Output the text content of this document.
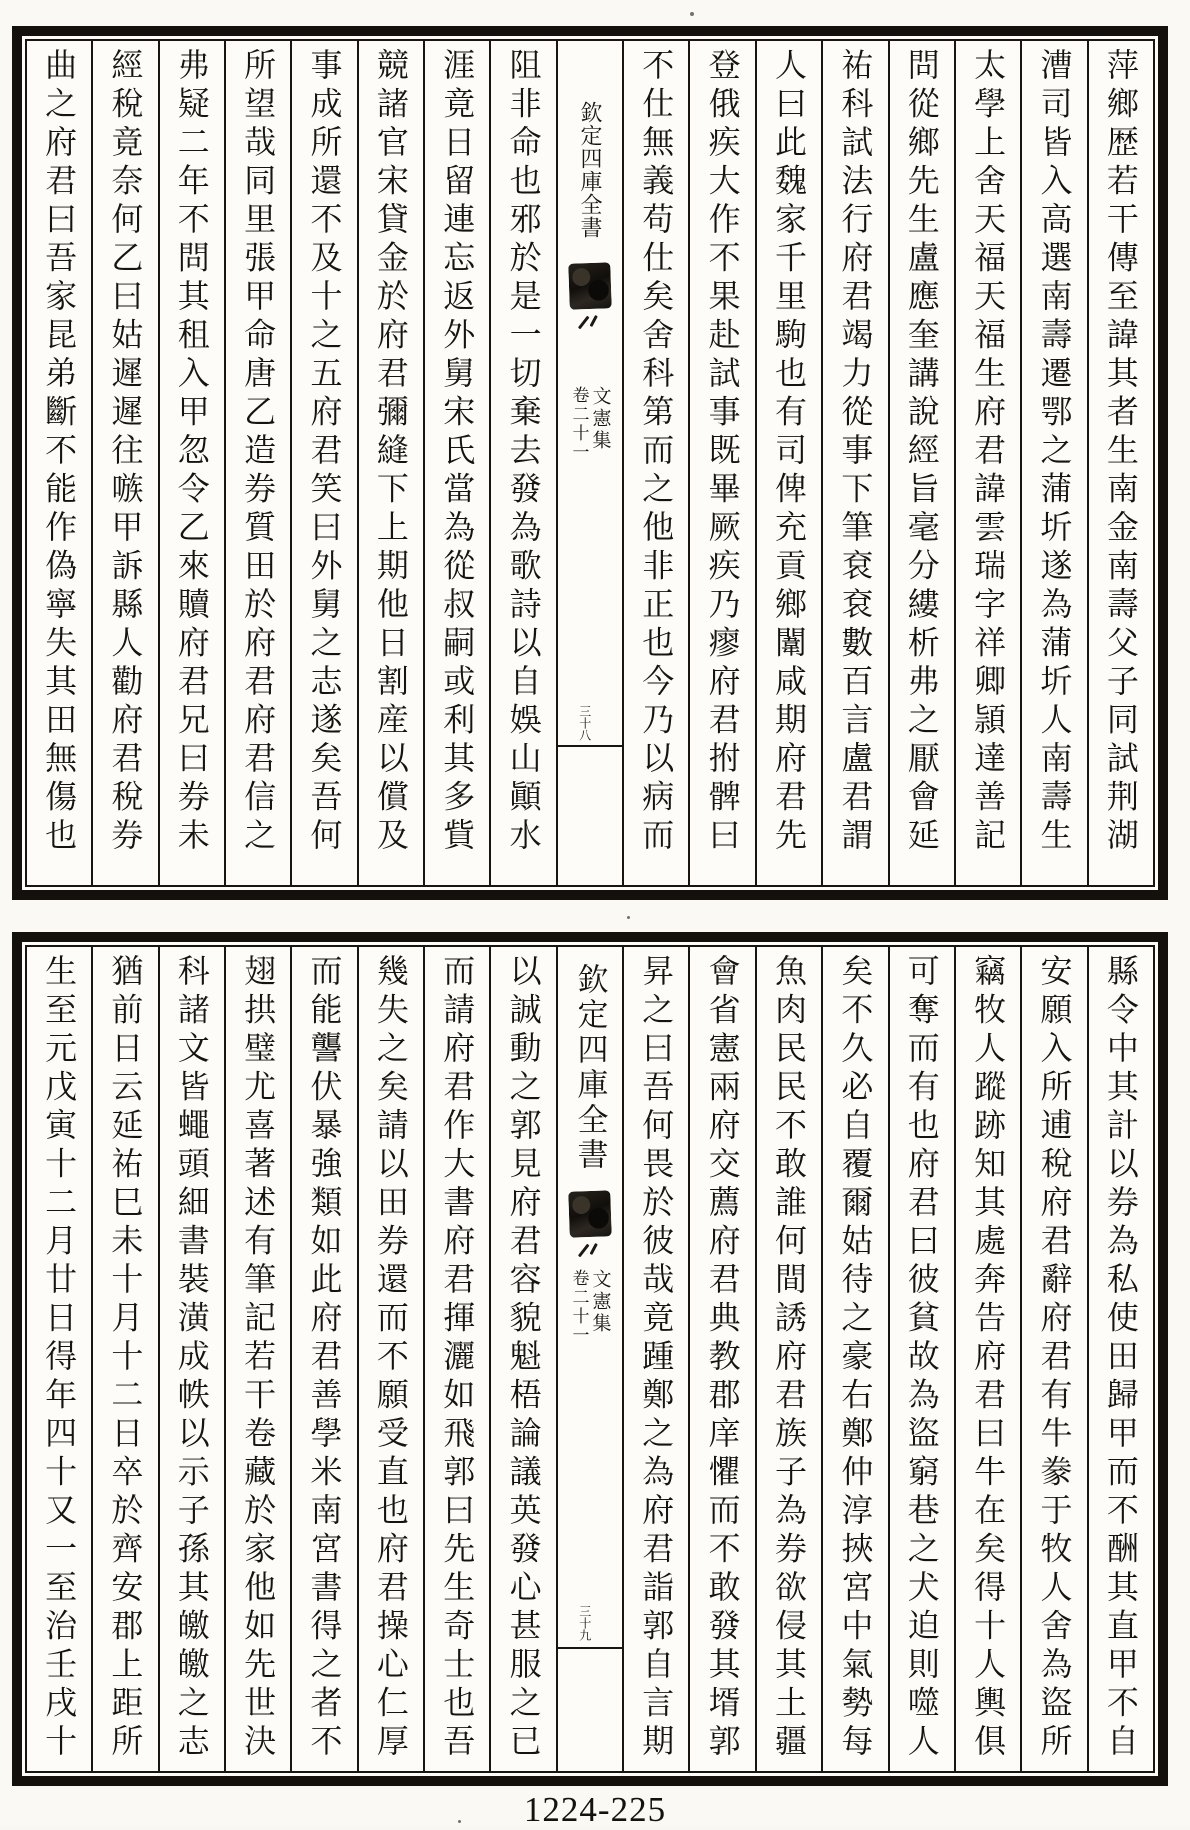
萍鄉歴若干傳至諱其者生南金南壽父子同試荆湖
漕司皆入高選南壽遷鄂之蒲圻遂為蒲圻人南壽生
太學上舍天福天福生府君諱雲瑞字祥卿頴達善記
問從鄉先生盧應奎講說經旨毫分縷析弗之厭會延
祐科試法行府君竭力從事下筆袞袞數百言盧君謂
人曰此魏家千里駒也有司俾充貢鄉闈咸期府君先
登俄疾大作不果赴試事既畢厥疾乃瘳府君拊髀曰
不仕無義苟仕矣舍科第而之他非正也今乃以病而
欽定四庫全書
文憲集
卷二十一
三十八
阻非命也邪於是一切棄去發為歌詩以自娛山顚水
涯竟日留連忘返外舅宋氏當為從叔嗣或利其多貲
競諸官宋貸金於府君彌縫下上期他日割産以償及
事成所還不及十之五府君笑曰外舅之志遂矣吾何
所望哉同里張甲命唐乙造券質田於府君府君信之
弗疑二年不問其租入甲忽令乙來贖府君兄曰券未
經稅竟奈何乙曰姑遲遲往嗾甲訴縣人勸府君稅券
曲之府君曰吾家昆弟斷不能作偽寧失其田無傷也
縣令中其計以券為私使田歸甲而不酬其直甲不自
安願入所逋稅府君辭府君有牛豢于牧人舍為盜所
竊牧人蹤跡知其處奔告府君曰牛在矣得十人輿俱
可奪而有也府君曰彼貧故為盜窮巷之犬迫則噬人
矣不久必自覆爾姑待之豪右鄭仲淳挾宮中氣勢每
魚肉民民不敢誰何間誘府君族子為券欲侵其土疆
會省憲兩府交薦府君典教郡庠懼而不敢發其壻郭
昇之曰吾何畏於彼哉竟踵鄭之為府君詣郭自言期
欽定四庫全書
文憲集
卷二十一
三十九
以誠動之郭見府君容貌魁梧論議英發心甚服之已
而請府君作大書府君揮灑如飛郭曰先生奇士也吾
幾失之矣請以田券還而不願受直也府君操心仁厚
而能讋伏暴強類如此府君善學米南宮書得之者不
翅拱璧尤喜著述有筆記若干卷藏於家他如先世決
科諸文皆蠅頭細書裝潢成帙以示子孫其皦皦之志
猶前日云延祐巳未十月十二日卒於齊安郡上距所
生至元戊寅十二月廿日得年四十又一至治壬戌十
1224-225
